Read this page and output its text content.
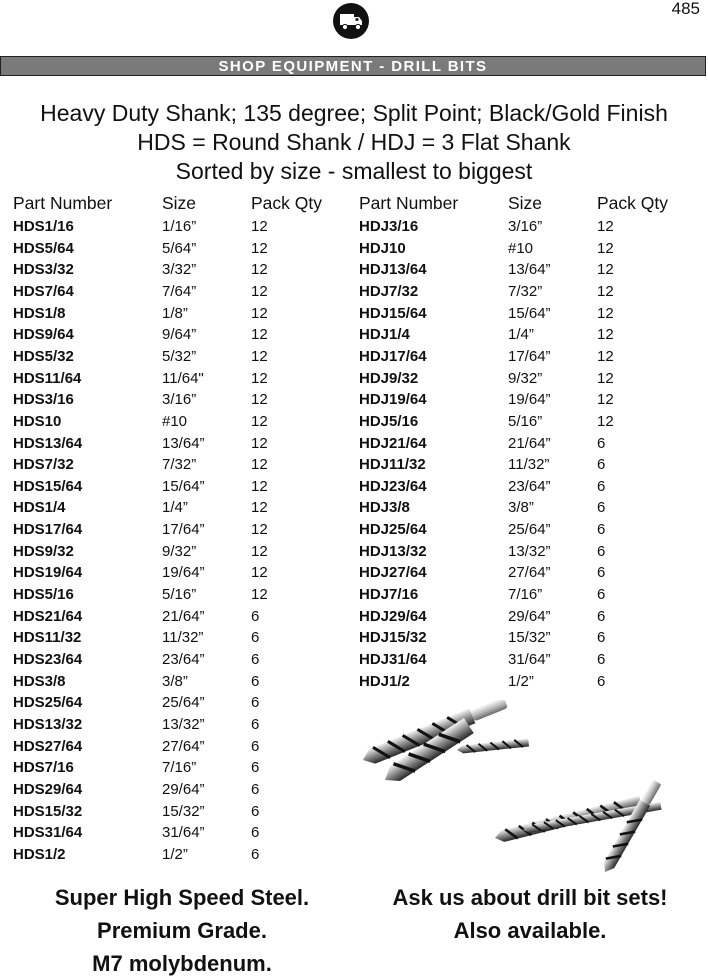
485
SHOP EQUIPMENT - DRILL BITS
Heavy Duty Shank; 135 degree; Split Point; Black/Gold Finish
HDS = Round Shank / HDJ = 3 Flat Shank
Sorted by size - smallest to biggest
Part Number	Size	Pack Qty Part Number	Size	Pack Qty
HDS1/16	1/16”	12
HDS5/64	5/64”	12
HDS3/32	3/32”	12
HDS7/64	7/64”	12
HDS1/8	1/8”	12
HDS9/64	9/64”	12
HDS5/32	5/32”	12
HDS11/64	11/64"	12
HDS3/16	3/16”	12
HDS10	#10	12
HDS13/64	13/64”	12
HDS7/32	7/32”	12
HDS15/64	15/64”	12
HDS1/4	1/4”	12
HDS17/64	17/64”	12
HDS9/32	9/32”	12
HDS19/64	19/64”	12
HDS5/16	5/16”	12
HDS21/64	21/64”	6
HDS11/32	11/32”	6
HDS23/64	23/64”	6
HDS3/8	3/8”	6
HDS25/64	25/64”	6
HDS13/32	13/32”	6
HDS27/64	27/64”	6
HDS7/16	7/16”	6
HDS29/64	29/64”	6
HDS15/32	15/32”	6
HDS31/64	31/64”	6
HDS1/2	1/2”	6
HDJ3/16	3/16”	12
HDJ10	#10	12
HDJ13/64	13/64”	12
HDJ7/32	7/32”	12
HDJ15/64	15/64”	12
HDJ1/4	1/4”	12
HDJ17/64	17/64”	12
HDJ9/32	9/32”	12
HDJ19/64	19/64”	12
HDJ5/16	5/16”	12
HDJ21/64	21/64”	6
HDJ11/32	11/32”	6
HDJ23/64	23/64”	6
HDJ3/8	3/8”	6
HDJ25/64	25/64”	6
HDJ13/32	13/32”	6
HDJ27/64	27/64”	6
HDJ7/16	7/16”	6
HDJ29/64	29/64”	6
HDJ15/32	15/32”	6
HDJ31/64	31/64”	6
HDJ1/2	1/2”	6
Super High Speed Steel.
Premium Grade.
M7 molybdenum.
Ask us about drill bit sets!
Also available.
